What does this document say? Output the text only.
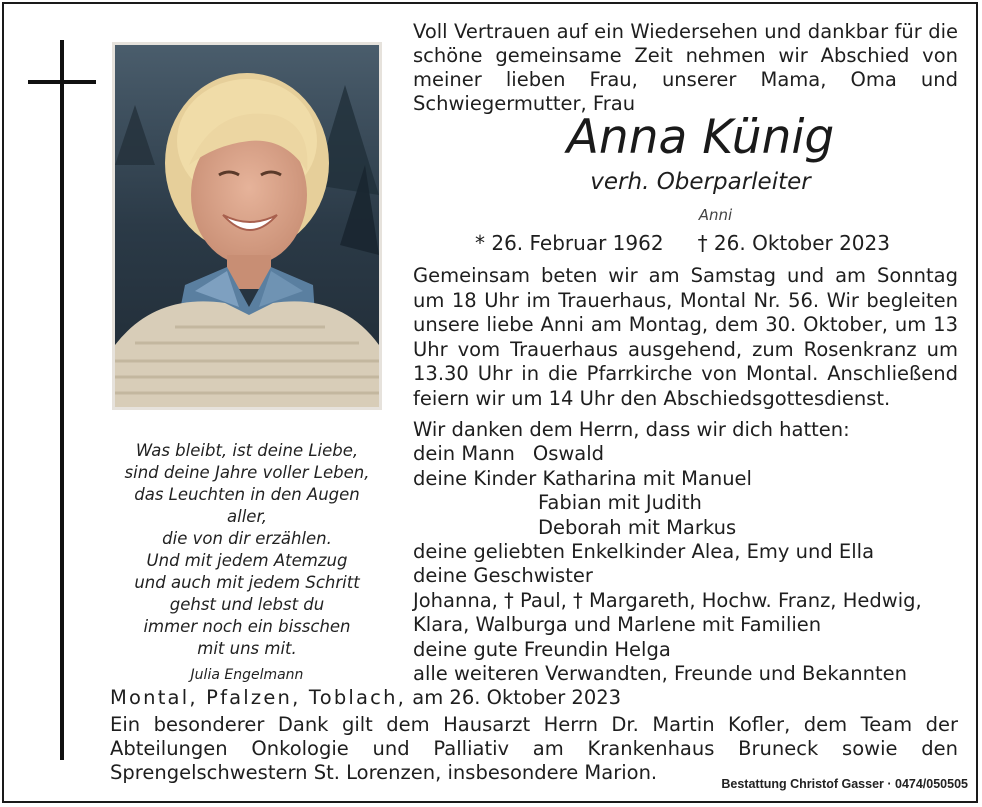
Was bleibt, ist deine Liebe,
sind deine Jahre voller Leben,
das Leuchten in den Augen aller,
die von dir erzählen.
Und mit jedem Atemzug
und auch mit jedem Schritt
gehst und lebst du
immer noch ein bisschen
mit uns mit.
Julia Engelmann
Voll Vertrauen auf ein Wiedersehen und dankbar für die schöne gemeinsame Zeit nehmen wir Abschied von meiner lieben Frau, unserer Mama, Oma und Schwiegermutter, Frau
Anna Künig
verh. Oberparleiter
Anni
* 26. Februar 1962 † 26. Oktober 2023
Gemeinsam beten wir am Samstag und am Sonntag um 18 Uhr im Trauerhaus, Montal Nr. 56. Wir begleiten unsere liebe Anni am Montag, dem 30. Oktober, um 13 Uhr vom Trauerhaus ausgehend, zum Rosenkranz um 13.30 Uhr in die Pfarrkirche von Montal. Anschließend feiern wir um 14 Uhr den Abschiedsgottesdienst.
Wir danken dem Herrn, dass wir dich hatten:
dein Mann Oswald
deine Kinder Katharina mit Manuel
Fabian mit Judith
Deborah mit Markus
deine geliebten Enkelkinder Alea, Emy und Ella
deine Geschwister
Johanna, † Paul, † Margareth, Hochw. Franz, Hedwig,
Klara, Walburga und Marlene mit Familien
deine gute Freundin Helga
alle weiteren Verwandten, Freunde und Bekannten
Montal, Pfalzen, Toblach, am 26. Oktober 2023
Ein besonderer Dank gilt dem Hausarzt Herrn Dr. Martin Kofler, dem Team der Abteilungen Onkologie und Palliativ am Krankenhaus Bruneck sowie den Sprengelschwestern St. Lorenzen, insbesondere Marion.	Bestattung Christof Gasser · 0474/050505
